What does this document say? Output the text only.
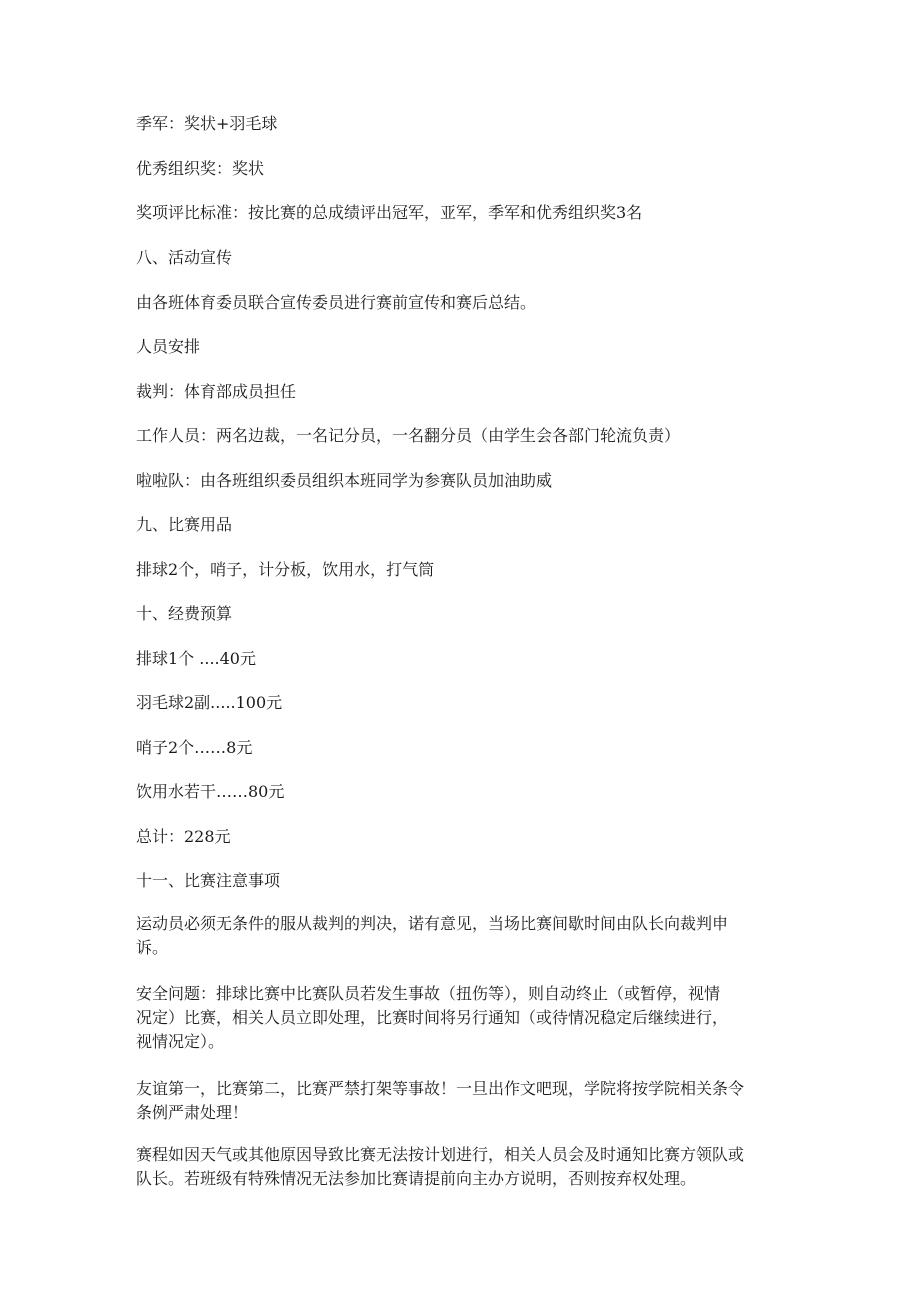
季军：奖状+羽毛球
优秀组织奖：奖状
奖项评比标准：按比赛的总成绩评出冠军，亚军，季军和优秀组织奖3名
八、活动宣传
由各班体育委员联合宣传委员进行赛前宣传和赛后总结。
人员安排
裁判：体育部成员担任
工作人员：两名边裁，一名记分员，一名翻分员（由学生会各部门轮流负责）
啦啦队：由各班组织委员组织本班同学为参赛队员加油助威
九、比赛用品
排球2个，哨子，计分板，饮用水，打气筒
十、经费预算
排球1个 ....40元
羽毛球2副.....100元
哨子2个……8元
饮用水若干……80元
总计：228元
十一、比赛注意事项
运动员必须无条件的服从裁判的判决，诺有意见，当场比赛间歇时间由队长向裁判申
诉。
安全问题：排球比赛中比赛队员若发生事故（扭伤等），则自动终止（或暂停，视情
况定）比赛，相关人员立即处理，比赛时间将另行通知（或待情况稳定后继续进行，
视情况定）。
友谊第一，比赛第二，比赛严禁打架等事故！一旦出作文吧现，学院将按学院相关条令
条例严肃处理！
赛程如因天气或其他原因导致比赛无法按计划进行，相关人员会及时通知比赛方领队或
队长。若班级有特殊情况无法参加比赛请提前向主办方说明，否则按弃权处理。
